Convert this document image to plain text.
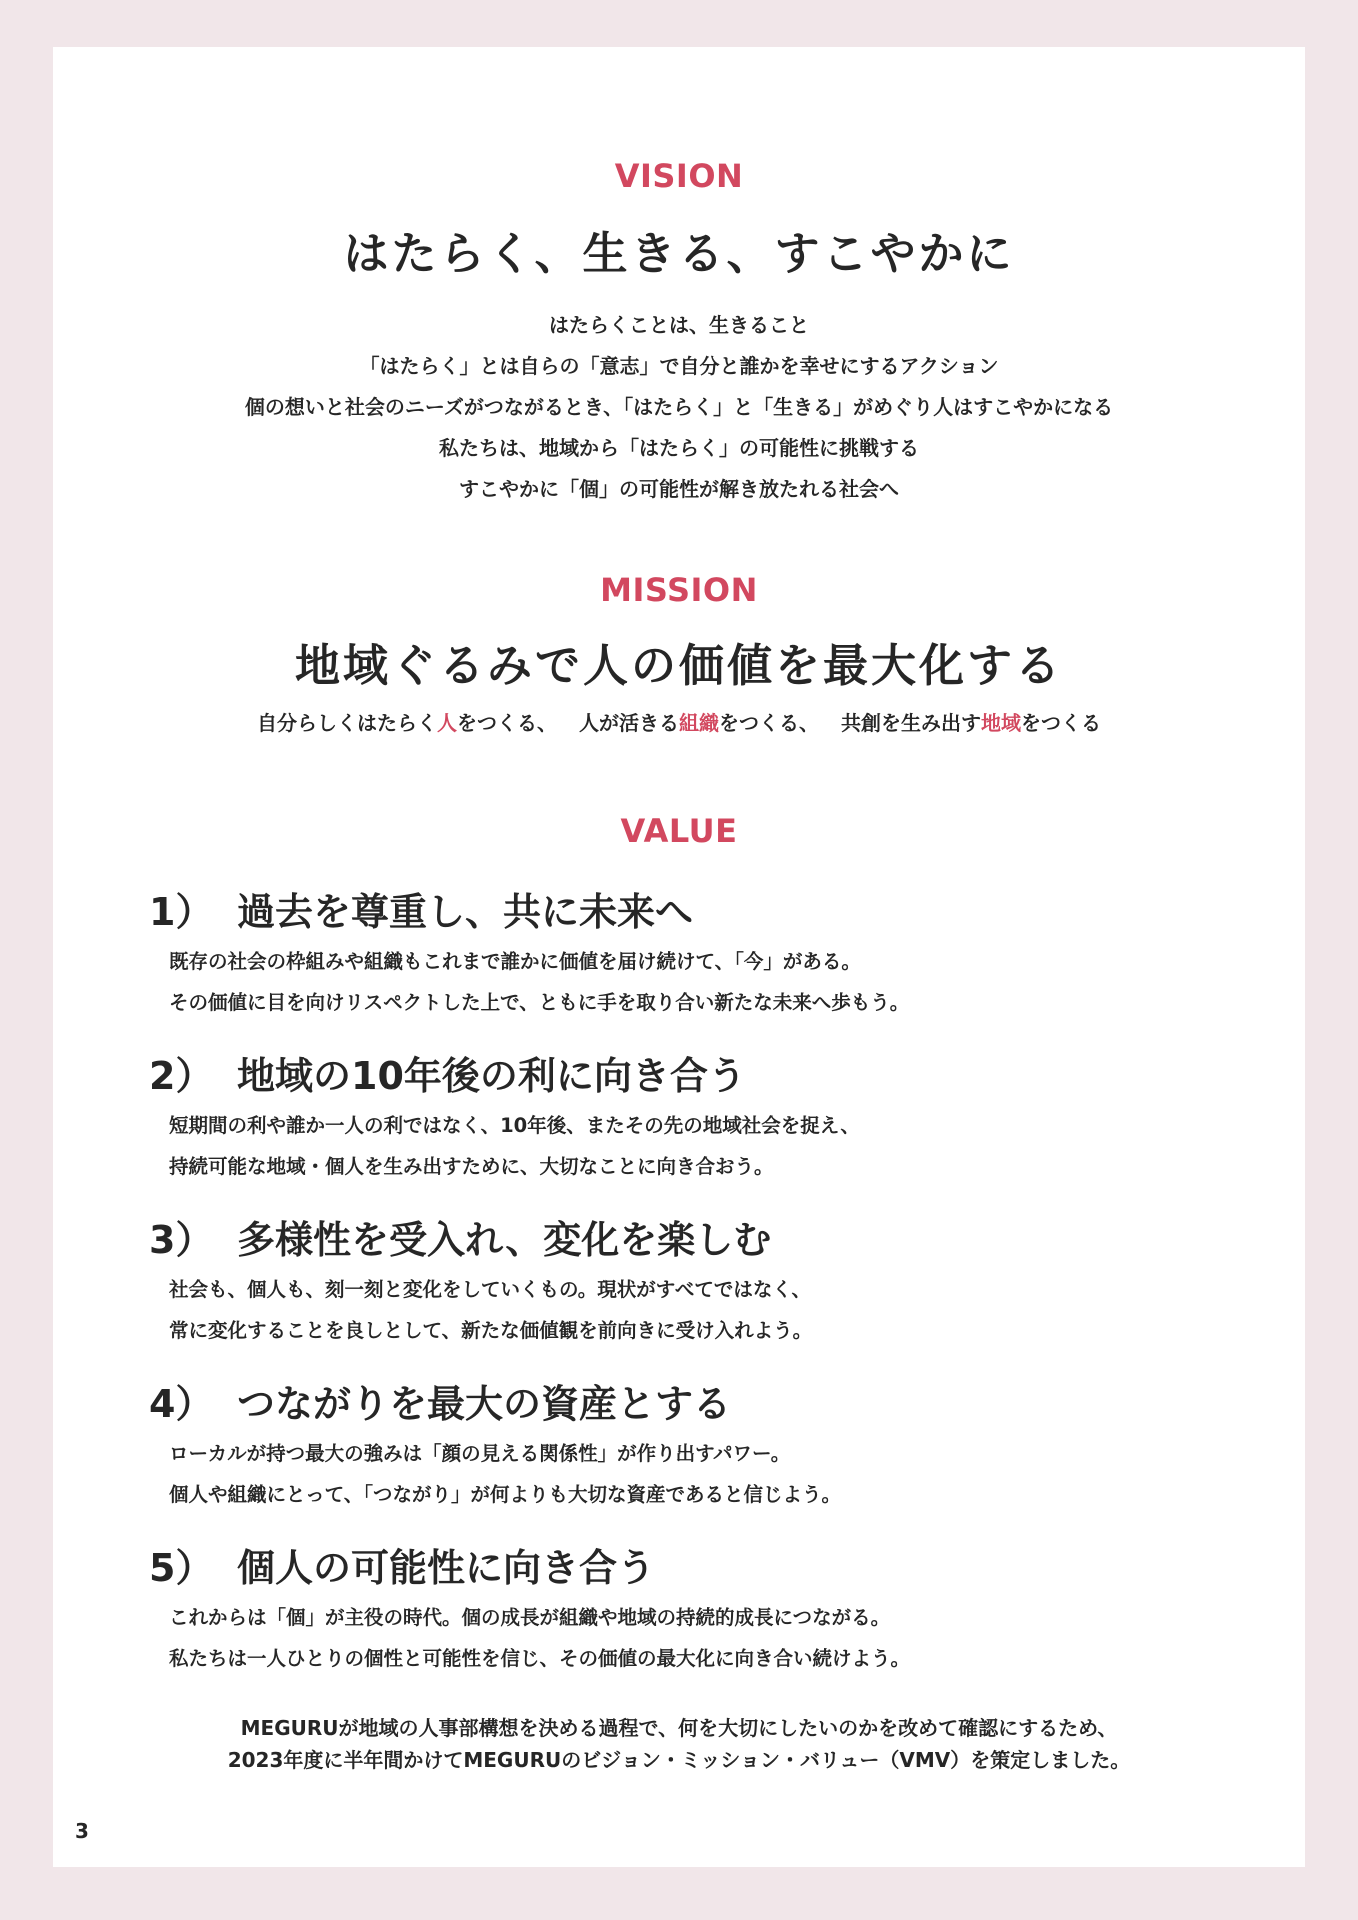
VISION
はたらく、生きる、すこやかに
はたらくことは、生きること
「はたらく」とは自らの「意志」で自分と誰かを幸せにするアクション
個の想いと社会のニーズがつながるとき、「はたらく」と「生きる」がめぐり人はすこやかになる
私たちは、地域から「はたらく」の可能性に挑戦する
すこやかに「個」の可能性が解き放たれる社会へ
MISSION
地域ぐるみで人の価値を最大化する
自分らしくはたらく人をつくる、 人が活きる組織をつくる、 共創を生み出す地域をつくる
VALUE
1） 過去を尊重し、共に未来へ
既存の社会の枠組みや組織もこれまで誰かに価値を届け続けて、「今」がある。
その価値に目を向けリスペクトした上で、ともに手を取り合い新たな未来へ歩もう。
2） 地域の10年後の利に向き合う
短期間の利や誰か一人の利ではなく、10年後、またその先の地域社会を捉え、
持続可能な地域・個人を生み出すために、大切なことに向き合おう。
3） 多様性を受入れ、変化を楽しむ
社会も、個人も、刻一刻と変化をしていくもの。現状がすべてではなく、
常に変化することを良しとして、新たな価値観を前向きに受け入れよう。
4） つながりを最大の資産とする
ローカルが持つ最大の強みは「顔の見える関係性」が作り出すパワー。
個人や組織にとって、「つながり」が何よりも大切な資産であると信じよう。
5） 個人の可能性に向き合う
これからは「個」が主役の時代。個の成長が組織や地域の持続的成長につながる。
私たちは一人ひとりの個性と可能性を信じ、その価値の最大化に向き合い続けよう。
MEGURUが地域の人事部構想を決める過程で、何を大切にしたいのかを改めて確認にするため、
2023年度に半年間かけてMEGURUのビジョン・ミッション・バリュー（VMV）を策定しました。
3
